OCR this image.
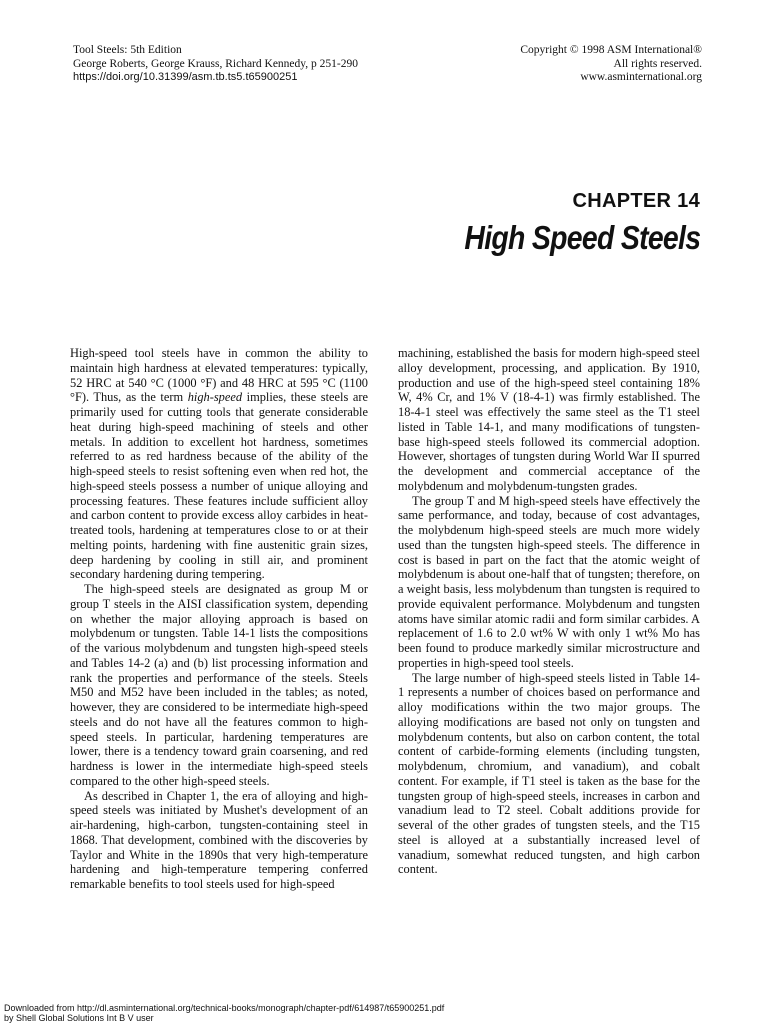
Tool Steels: 5th Edition
George Roberts, George Krauss, Richard Kennedy, p 251-290
https://doi.org/10.31399/asm.tb.ts5.t65900251
Copyright © 1998 ASM International®
All rights reserved.
www.asminternational.org
CHAPTER 14
High Speed Steels

High-speed tool steels have in common the ability to maintain high hardness at elevated temperatures: typically, 52 HRC at 540 °C (1000 °F) and 48 HRC at 595 °C (1100 °F). Thus, as the term high-speed implies, these steels are primarily used for cutting tools that generate considerable heat during high-speed machining of steels and other metals. In addition to excellent hot hardness, sometimes referred to as red hardness because of the ability of the high-speed steels to resist softening even when red hot, the high-speed steels possess a number of unique alloying and processing features. These features include sufficient alloy and carbon content to provide excess alloy carbides in heat-treated tools, hardening at temperatures close to or at their melting points, hardening with fine austenitic grain sizes, deep hardening by cooling in still air, and prominent secondary hardening during tempering.

The high-speed steels are designated as group M or group T steels in the AISI classification system, depending on whether the major alloying approach is based on molybdenum or tungsten. Table 14-1 lists the compositions of the various molybdenum and tungsten high-speed steels and Tables 14-2 (a) and (b) list processing information and rank the properties and performance of the steels. Steels M50 and M52 have been included in the tables; as noted, however, they are considered to be intermediate high-speed steels and do not have all the features common to high-speed steels. In particular, hardening temperatures are lower, there is a tendency toward grain coarsening, and red hardness is lower in the intermediate high-speed steels compared to the other high-speed steels.

As described in Chapter 1, the era of alloying and high-speed steels was initiated by Mushet's development of an air-hardening, high-carbon, tungsten-containing steel in 1868. That development, combined with the discoveries by Taylor and White in the 1890s that very high-temperature hardening and high-temperature tempering conferred remarkable benefits to tool steels used for high-speed

machining, established the basis for modern high-speed steel alloy development, processing, and application. By 1910, production and use of the high-speed steel containing 18% W, 4% Cr, and 1% V (18-4-1) was firmly established. The 18-4-1 steel was effectively the same steel as the T1 steel listed in Table 14-1, and many modifications of tungsten-base high-speed steels followed its commercial adoption. However, shortages of tungsten during World War II spurred the development and commercial acceptance of the molybdenum and molybdenum-tungsten grades.

The group T and M high-speed steels have effectively the same performance, and today, because of cost advantages, the molybdenum high-speed steels are much more widely used than the tungsten high-speed steels. The difference in cost is based in part on the fact that the atomic weight of molybdenum is about one-half that of tungsten; therefore, on a weight basis, less molybdenum than tungsten is required to provide equivalent performance. Molybdenum and tungsten atoms have similar atomic radii and form similar carbides. A replacement of 1.6 to 2.0 wt% W with only 1 wt% Mo has been found to produce markedly similar microstructure and properties in high-speed tool steels.

The large number of high-speed steels listed in Table 14-1 represents a number of choices based on performance and alloy modifications within the two major groups. The alloying modifications are based not only on tungsten and molybdenum contents, but also on carbon content, the total content of carbide-forming elements (including tungsten, molybdenum, chromium, and vanadium), and cobalt content. For example, if T1 steel is taken as the base for the tungsten group of high-speed steels, increases in carbon and vanadium lead to T2 steel. Cobalt additions provide for several of the other grades of tungsten steels, and the T15 steel is alloyed at a substantially increased level of vanadium, somewhat reduced tungsten, and high carbon content.

Downloaded from http://dl.asminternational.org/technical-books/monograph/chapter-pdf/614987/t65900251.pdf
by Shell Global Solutions Int B V user
